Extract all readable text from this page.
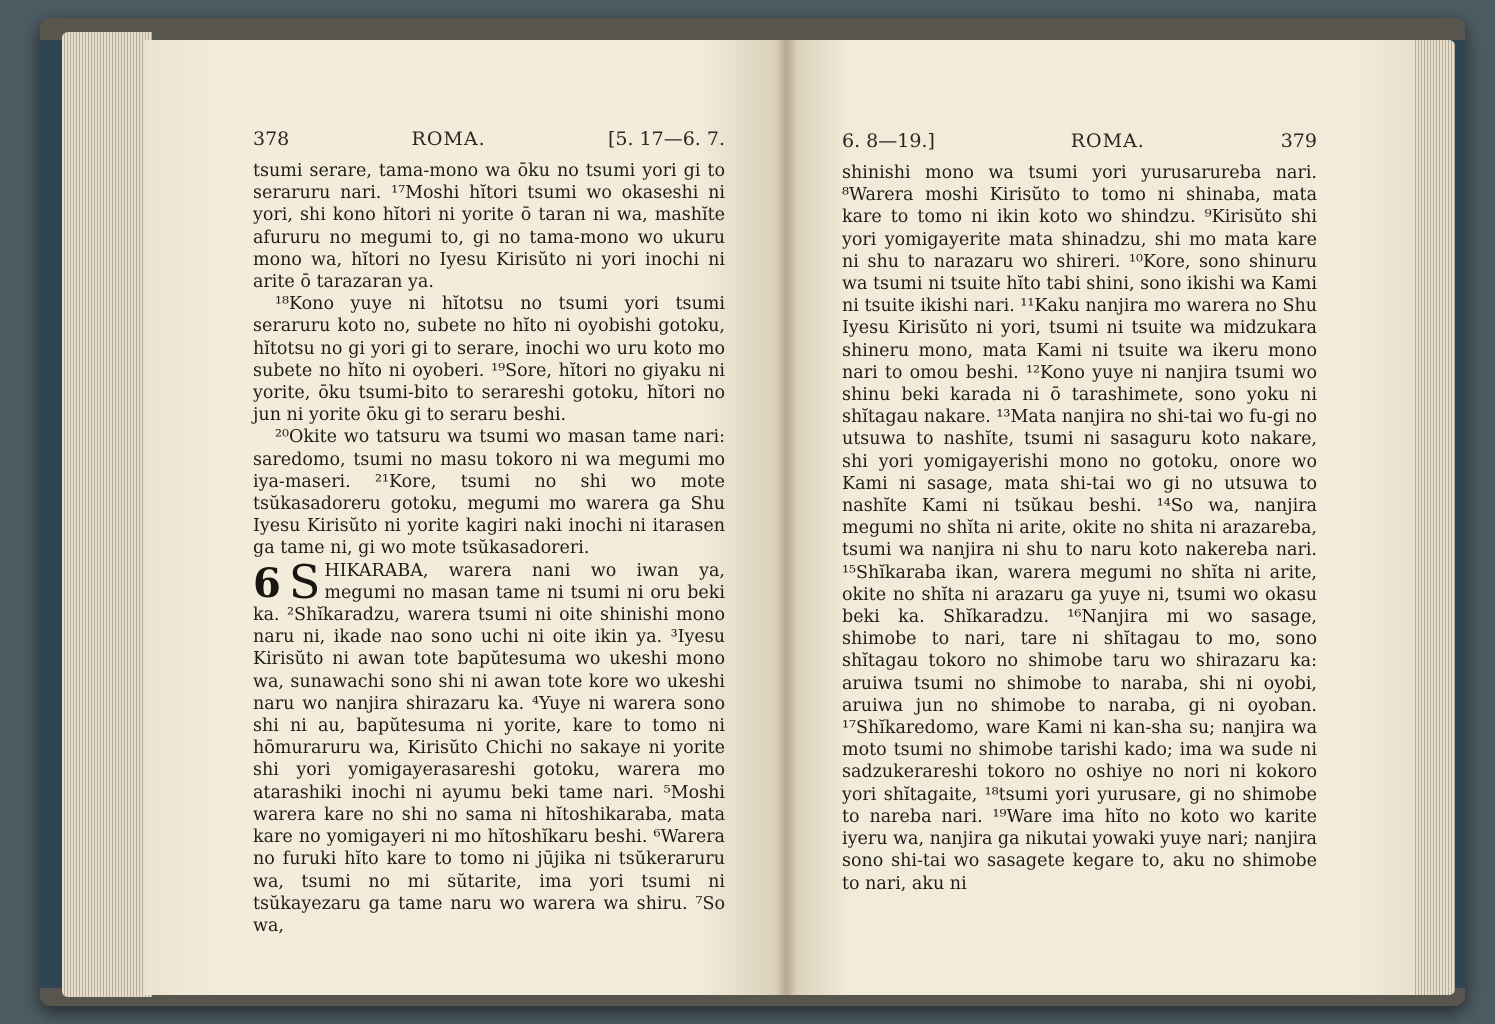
378	ROMA.	[5. 17—6. 7.

tsumi serare, tama-mono wa ōku no tsumi yori gi to seraruru nari. ¹⁷Moshi hĭtori tsumi wo okaseshi ni yori, shi kono hĭtori ni yorite ō taran ni wa, mashĭte afururu no megumi to, gi no tama-mono wo ukuru mono wa, hĭtori no Iyesu Kirisŭto ni yori inochi ni arite ō tarazaran ya.

¹⁸Kono yuye ni hĭtotsu no tsumi yori tsumi seraruru koto no, subete no hĭto ni oyobishi gotoku, hĭtotsu no gi yori gi to serare, inochi wo uru koto mo subete no hĭto ni oyoberi. ¹⁹Sore, hĭtori no giyaku ni yorite, ōku tsumi-bito to serareshi gotoku, hĭtori no jun ni yorite ōku gi to seraru beshi.

²⁰Okite wo tatsuru wa tsumi wo masan tame nari: saredomo, tsumi no masu tokoro ni wa megumi mo iya-maseri. ²¹Kore, tsumi no shi wo mote tsŭkasadoreru gotoku, megumi mo warera ga Shu Iyesu Kirisŭto ni yorite kagiri naki inochi ni itarasen ga tame ni, gi wo mote tsŭkasadoreri.

6 S HIKARABA, warera nani wo iwan ya, megumi no masan tame ni tsumi ni oru beki ka. ²Shĭkaradzu, warera tsumi ni oite shinishi mono naru ni, ikade nao sono uchi ni oite ikin ya. ³Iyesu Kirisŭto ni awan tote bapŭtesuma wo ukeshi mono wa, sunawachi sono shi ni awan tote kore wo ukeshi naru wo nanjira shirazaru ka. ⁴Yuye ni warera sono shi ni au, bapŭtesuma ni yorite, kare to tomo ni hōmuraruru wa, Kirisŭto Chichi no sakaye ni yorite shi yori yomigayerasareshi gotoku, warera mo atarashiki inochi ni ayumu beki tame nari. ⁵Moshi warera kare no shi no sama ni hĭtoshikaraba, mata kare no yomigayeri ni mo hĭtoshĭkaru beshi. ⁶Warera no furuki hĭto kare to tomo ni jūjika ni tsŭkeraruru wa, tsumi no mi sŭtarite, ima yori tsumi ni tsŭkayezaru ga tame naru wo warera wa shiru. ⁷So wa,

6. 8—19.]	ROMA.	379

shinishi mono wa tsumi yori yurusarureba nari. ⁸Warera moshi Kirisŭto to tomo ni shinaba, mata kare to tomo ni ikin koto wo shindzu. ⁹Kirisŭto shi yori yomigayerite mata shinadzu, shi mo mata kare ni shu to narazaru wo shireri. ¹⁰Kore, sono shinuru wa tsumi ni tsuite hĭto tabi shini, sono ikishi wa Kami ni tsuite ikishi nari. ¹¹Kaku nanjira mo warera no Shu Iyesu Kirisŭto ni yori, tsumi ni tsuite wa midzukara shineru mono, mata Kami ni tsuite wa ikeru mono nari to omou beshi. ¹²Kono yuye ni nanjira tsumi wo shinu beki karada ni ō tarashimete, sono yoku ni shĭtagau nakare. ¹³Mata nanjira no shi-tai wo fu-gi no utsuwa to nashĭte, tsumi ni sasaguru koto nakare, shi yori yomigayerishi mono no gotoku, onore wo Kami ni sasage, mata shi-tai wo gi no utsuwa to nashĭte Kami ni tsŭkau beshi. ¹⁴So wa, nanjira megumi no shĭta ni arite, okite no shita ni arazareba, tsumi wa nanjira ni shu to naru koto nakereba nari. ¹⁵Shĭkaraba ikan, warera megumi no shĭta ni arite, okite no shĭta ni arazaru ga yuye ni, tsumi wo okasu beki ka. Shĭkaradzu. ¹⁶Nanjira mi wo sasage, shimobe to nari, tare ni shĭtagau to mo, sono shĭtagau tokoro no shimobe taru wo shirazaru ka: aruiwa tsumi no shimobe to naraba, shi ni oyobi, aruiwa jun no shimobe to naraba, gi ni oyoban. ¹⁷Shĭkaredomo, ware Kami ni kan-sha su; nanjira wa moto tsumi no shimobe tarishi kado; ima wa sude ni sadzukerareshi tokoro no oshiye no nori ni kokoro yori shĭtagaite, ¹⁸tsumi yori yurusare, gi no shimobe to nareba nari. ¹⁹Ware ima hĭto no koto wo karite iyeru wa, nanjira ga nikutai yowaki yuye nari; nanjira sono shi-tai wo sasagete kegare to, aku no shimobe to nari, aku ni
